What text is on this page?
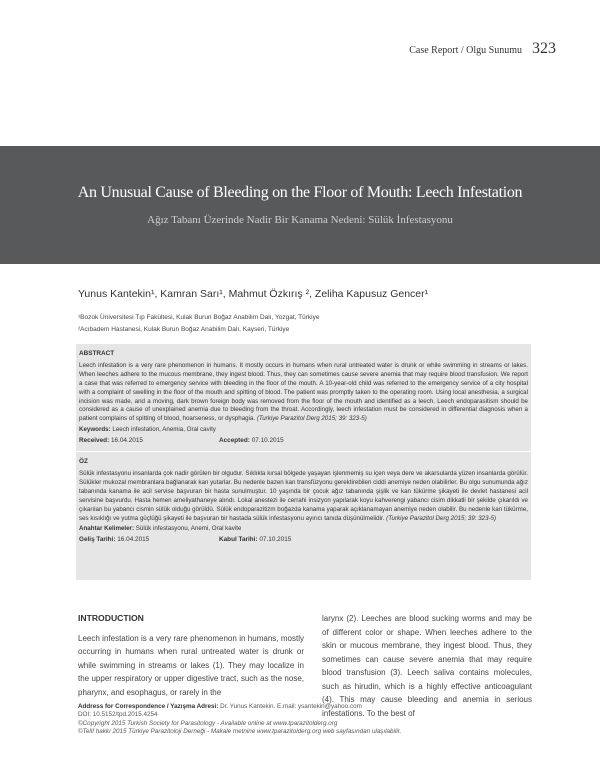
Case Report / Olgu Sunumu 323
An Unusual Cause of Bleeding on the Floor of Mouth: Leech Infestation
Ağız Tabanı Üzerinde Nadir Bir Kanama Nedeni: Sülük İnfestasyonu
Yunus Kantekin¹, Kamran Sarı¹, Mahmut Özkırış ², Zeliha Kapusuz Gencer¹
¹Bozok Üniversitesi Tıp Fakültesi, Kulak Burun Boğaz Anabilim Dalı, Yozgat, Türkiye
²Acıbadem Hastanesi, Kulak Burun Boğaz Anabilim Dalı, Kayseri, Türkiye
ABSTRACT
Leech infestation is a very rare phenomenon in humans. It mostly occurs in humans when rural untreated water is drunk or while swimming in streams or lakes. When leeches adhere to the mucous membrane, they ingest blood. Thus, they can sometimes cause severe anemia that may require blood transfusion. We report a case that was referred to emergency service with bleeding in the floor of the mouth. A 10-year-old child was referred to the emergency service of a city hospital with a complaint of swelling in the floor of the mouth and spitting of blood. The patient was promptly taken to the operating room. Using local anesthesia, a surgical incision was made, and a moving, dark brown foreign body was removed from the floor of the mouth and identified as a leech. Leech endoparasitism should be considered as a cause of unexplained anemia due to bleeding from the throat. Accordingly, leech infestation must be considered in differential diagnosis when a patient complains of spitting of blood, hoarseness, or dysphagia. (Turkiye Parazitol Derg 2015; 39: 323-5)
Keywords: Leech infestation, Anemia, Oral cavity
Received: 16.04.2015	Accepted: 07.10.2015
ÖZ
Sülük infestasyonu insanlarda çok nadir görülen bir olgudur. Sıklıkla kırsal bölgede yaşayan işlenmemiş su içen veya dere ve akarsularda yüzen insanlarda görülür. Sülükler mukozal membranlara bağlanarak kan yutarlar. Bu nedenle bazen kan transfüzyonu gerektirebilen ciddi anemiye neden olabilirler. Bu olgu sunumunda ağız tabanında kanama ile acil servise başvuran bir hasta sunulmuştur. 10 yaşında bir çocuk ağız tabanında şişlik ve kan tükürme şikayeti ile devlet hastanesi acil servisine başvurdu. Hasta hemen ameliyathaneye alındı. Lokal anestezi ile cerrahi insizyon yapılarak koyu kahverengi yabancı cisim dikkatli bir şekilde çıkarıldı ve çıkarılan bu yabancı cismin sülük olduğu görüldü. Sülük endoparazitizm boğazda kanama yaparak açıklanamayan anemiye neden olabilir. Bu nedenle kan tükürme, ses kısıklığı ve yutma güçlüğü şikayeti ile başvuran bir hastada sülük infestasyonu ayırıcı tanıda düşünülmelidir. (Turkiye Parazitol Derg 2015; 39: 323-5)
Anahtar Kelimeler: Sülük infestasyonu, Anemi, Oral kavite
Geliş Tarihi: 16.04.2015	Kabul Tarihi: 07.10.2015
INTRODUCTION
Leech infestation is a very rare phenomenon in humans, mostly occurring in humans when rural untreated water is drunk or while swimming in streams or lakes (1). They may localize in the upper respiratory or upper digestive tract, such as the nose, pharynx, and esophagus, or rarely in the
larynx (2). Leeches are blood sucking worms and may be of different color or shape. When leeches adhere to the skin or mucous membrane, they ingest blood. Thus, they sometimes can cause severe anemia that may require blood transfusion (3). Leech saliva contains molecules, such as hirudin, which is a highly effective anticoagulant (4). This may cause bleeding and anemia in serious infestations. To the best of
Address for Correspondence / Yazışma Adresi: Dr. Yunus Kantekin. E.mail: ysantekin@yahoo.com
DOI: 10.5152/tpd.2015.4254
©Copyright 2015 Turkish Society for Parasitology - Available online at www.tparazitolderg.org
©Telif hakkı 2015 Türkiye Parazitoloji Derneği - Makale metnine www.tparazitolderg.org web sayfasından ulaşılabilir.
